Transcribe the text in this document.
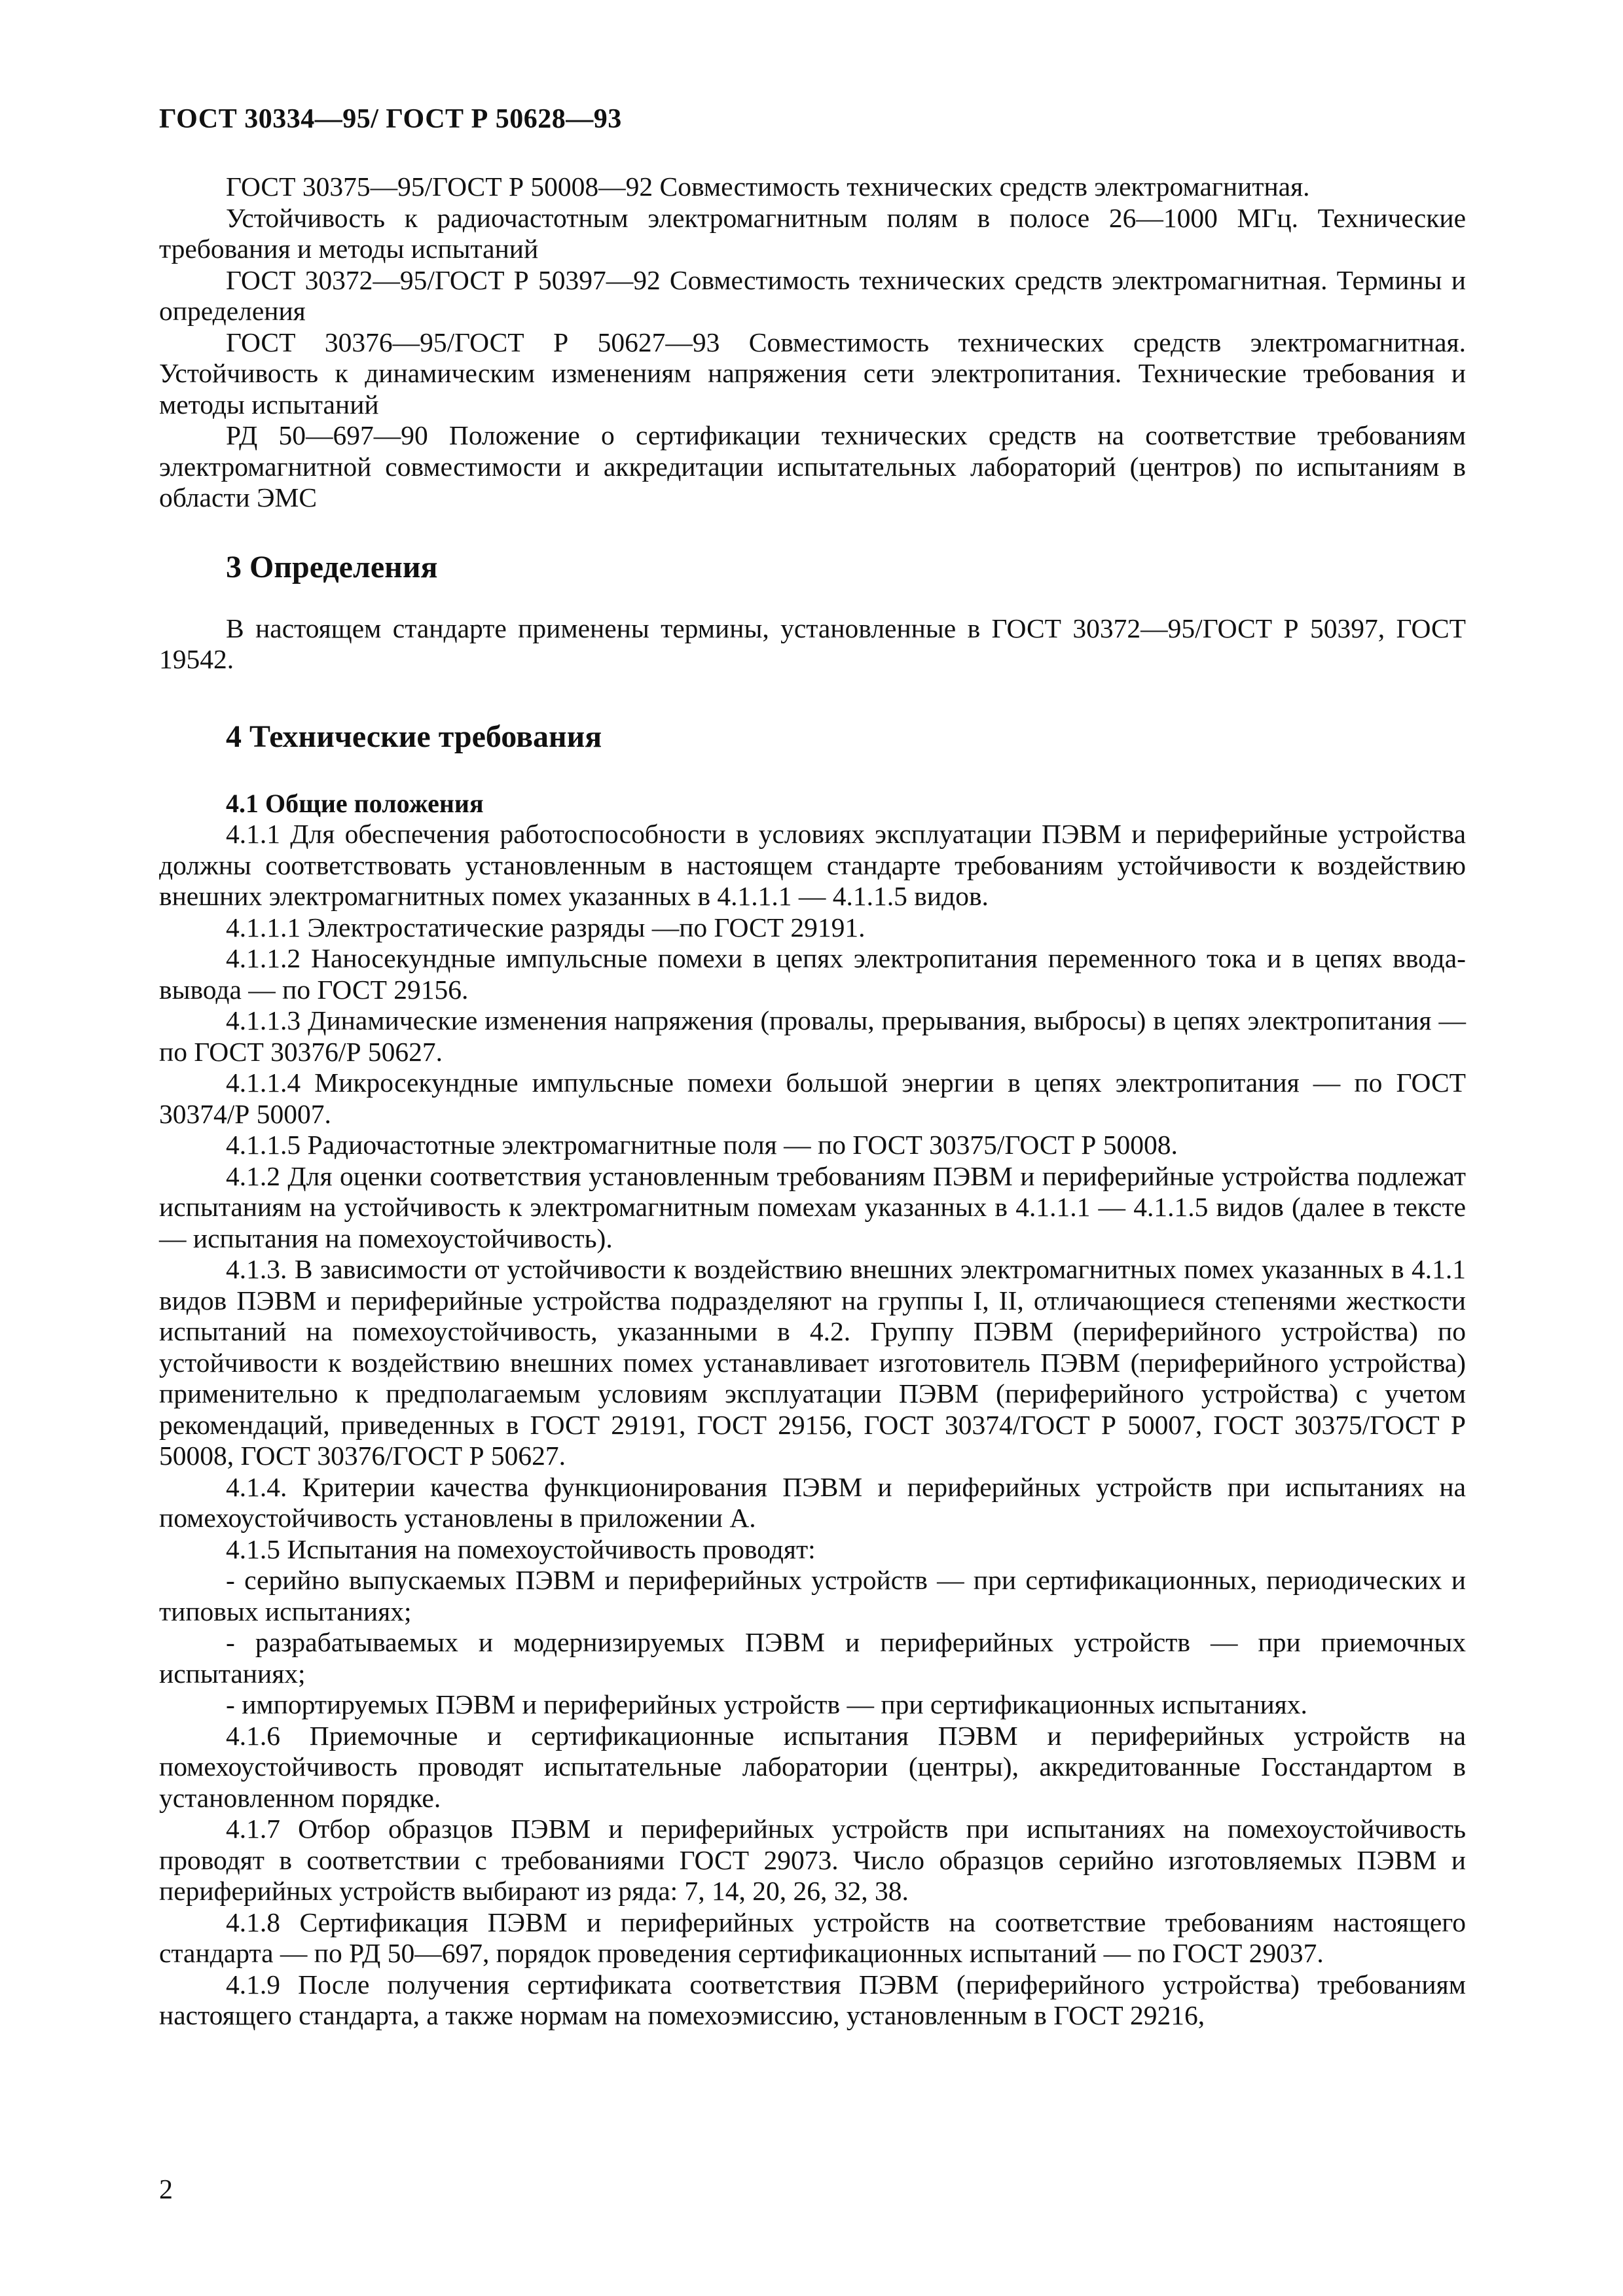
ГОСТ 30334—95/ ГОСТ Р 50628—93

ГОСТ 30375—95/ГОСТ Р 50008—92 Совместимость технических средств электромагнитная.

Устойчивость к радиочастотным электромагнитным полям в полосе 26—1000 МГц. Технические требования и методы испытаний

ГОСТ 30372—95/ГОСТ Р 50397—92 Совместимость технических средств электромагнитная. Термины и определения

ГОСТ 30376—95/ГОСТ Р 50627—93 Совместимость технических средств электромагнитная. Устойчивость к динамическим изменениям напряжения сети электропитания. Технические требования и методы испытаний

РД 50—697—90 Положение о сертификации технических средств на соответствие требованиям электромагнитной совместимости и аккредитации испытательных лабораторий (центров) по испытаниям в области ЭМС

3 Определения

В настоящем стандарте применены термины, установленные в ГОСТ 30372—95/ГОСТ Р 50397, ГОСТ 19542.

4 Технические требования
4.1 Общие положения

4.1.1 Для обеспечения работоспособности в условиях эксплуатации ПЭВМ и периферийные устройства должны соответствовать установленным в настоящем стандарте требованиям устойчивости к воздействию внешних электромагнитных помех указанных в 4.1.1.1 — 4.1.1.5 видов.

4.1.1.1 Электростатические разряды —по ГОСТ 29191.

4.1.1.2 Наносекундные импульсные помехи в цепях электропитания переменного тока и в цепях ввода-вывода — по ГОСТ 29156.

4.1.1.3 Динамические изменения напряжения (провалы, прерывания, выбросы) в цепях электропитания — по ГОСТ 30376/Р 50627.

4.1.1.4 Микросекундные импульсные помехи большой энергии в цепях электропитания — по ГОСТ 30374/Р 50007.

4.1.1.5 Радиочастотные электромагнитные поля — по ГОСТ 30375/ГОСТ Р 50008.

4.1.2 Для оценки соответствия установленным требованиям ПЭВМ и периферийные устройства подлежат испытаниям на устойчивость к электромагнитным помехам указанных в 4.1.1.1 — 4.1.1.5 видов (далее в тексте — испытания на помехоустойчивость).

4.1.3. В зависимости от устойчивости к воздействию внешних электромагнитных помех указанных в 4.1.1 видов ПЭВМ и периферийные устройства подразделяют на группы I, II, отличающиеся степенями жесткости испытаний на помехоустойчивость, указанными в 4.2. Группу ПЭВМ (периферийного устройства) по устойчивости к воздействию внешних помех устанавливает изготовитель ПЭВМ (периферийного устройства) применительно к предполагаемым условиям эксплуатации ПЭВМ (периферийного устройства) с учетом рекомендаций, приведенных в ГОСТ 29191, ГОСТ 29156, ГОСТ 30374/ГОСТ Р 50007, ГОСТ 30375/ГОСТ Р 50008, ГОСТ 30376/ГОСТ Р 50627.

4.1.4. Критерии качества функционирования ПЭВМ и периферийных устройств при испытаниях на помехоустойчивость установлены в приложении А.

4.1.5 Испытания на помехоустойчивость проводят:

- серийно выпускаемых ПЭВМ и периферийных устройств — при сертификационных, периодических и типовых испытаниях;

- разрабатываемых и модернизируемых ПЭВМ и периферийных устройств — при приемочных испытаниях;

- импортируемых ПЭВМ и периферийных устройств — при сертификационных испытаниях.

4.1.6 Приемочные и сертификационные испытания ПЭВМ и периферийных устройств на помехоустойчивость проводят испытательные лаборатории (центры), аккредитованные Госстандартом в установленном порядке.

4.1.7 Отбор образцов ПЭВМ и периферийных устройств при испытаниях на помехоустойчивость проводят в соответствии с требованиями ГОСТ 29073. Число образцов серийно изготовляемых ПЭВМ и периферийных устройств выбирают из ряда: 7, 14, 20, 26, 32, 38.

4.1.8 Сертификация ПЭВМ и периферийных устройств на соответствие требованиям настоящего стандарта — по РД 50—697, порядок проведения сертификационных испытаний — по ГОСТ 29037.

4.1.9 После получения сертификата соответствия ПЭВМ (периферийного устройства) требованиям настоящего стандарта, а также нормам на помехоэмиссию, установленным в ГОСТ 29216,

2
